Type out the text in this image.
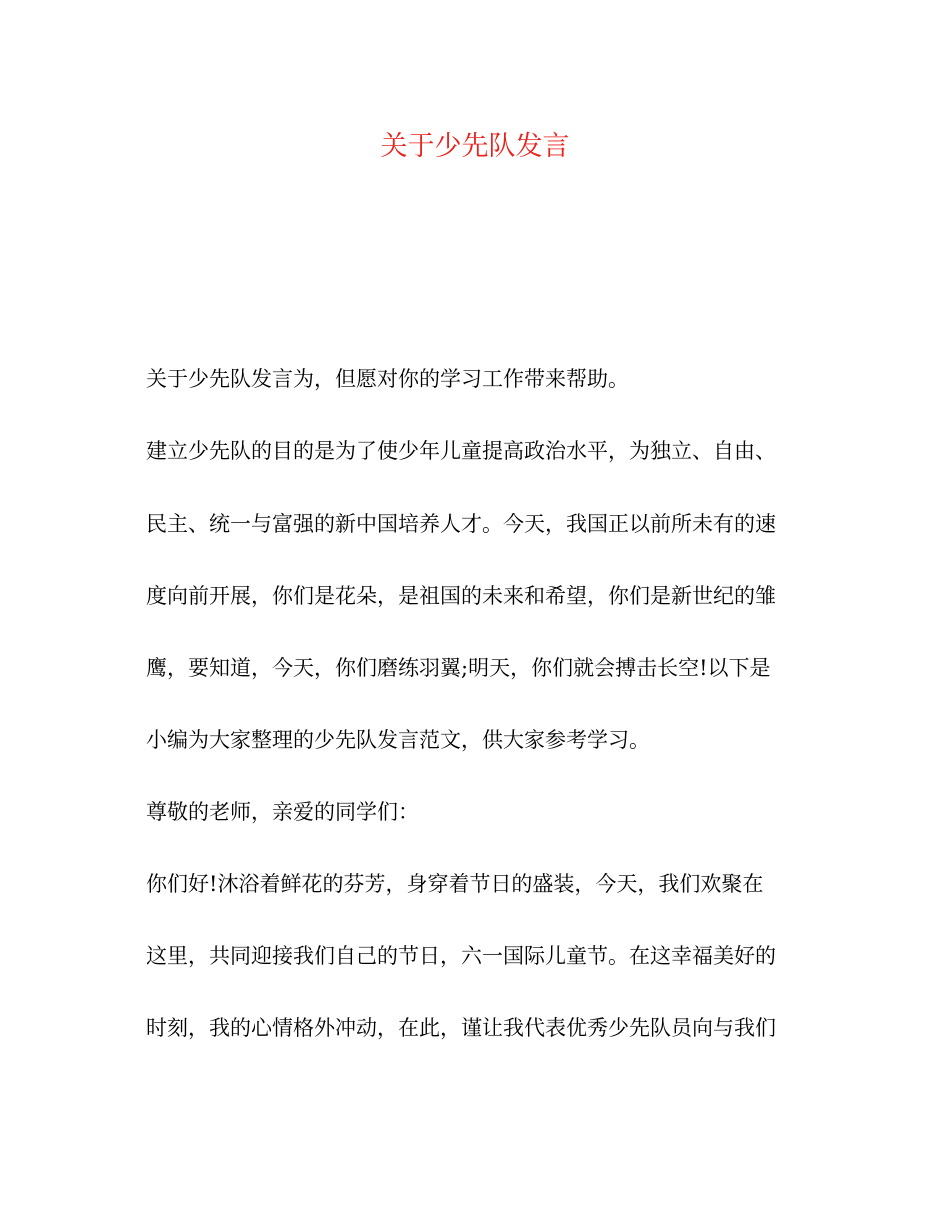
关于少先队发言

关于少先队发言为，但愿对你的学习工作带来帮助。

建立少先队的目的是为了使少年儿童提高政治水平，为独立、自由、

民主、统一与富强的新中国培养人才。今天，我国正以前所未有的速

度向前开展，你们是花朵，是祖国的未来和希望，你们是新世纪的雏

鹰，要知道，今天，你们磨练羽翼;明天，你们就会搏击长空!以下是

小编为大家整理的少先队发言范文，供大家参考学习。

尊敬的老师，亲爱的同学们：

你们好!沐浴着鲜花的芬芳，身穿着节日的盛装，今天，我们欢聚在

这里，共同迎接我们自己的节日，六一国际儿童节。在这幸福美好的

时刻，我的心情格外冲动，在此，谨让我代表优秀少先队员向与我们
